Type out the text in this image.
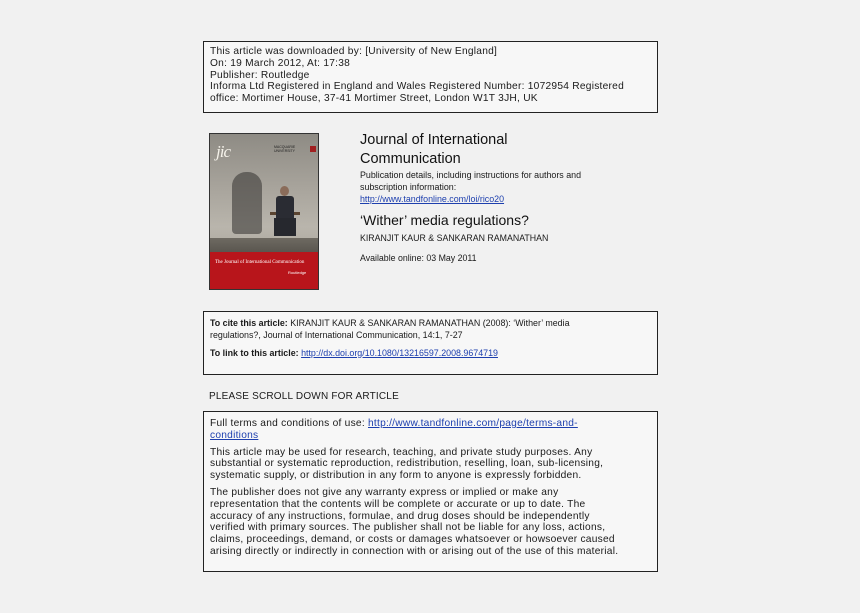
This article was downloaded by: [University of New England]
On: 19 March 2012, At: 17:38
Publisher: Routledge
Informa Ltd Registered in England and Wales Registered Number: 1072954 Registered
office: Mortimer House, 37-41 Mortimer Street, London W1T 3JH, UK
jic	MACQUARIE UNIVERSITY
The Journal of International Communication
Routledge
Journal of International
Communication
Publication details, including instructions for authors and
subscription information:
http://www.tandfonline.com/loi/rico20
‘Wither’ media regulations?
KIRANJIT KAUR & SANKARAN RAMANATHAN
Available online: 03 May 2011
To cite this article: KIRANJIT KAUR & SANKARAN RAMANATHAN (2008): ‘Wither’ media
regulations?, Journal of International Communication, 14:1, 7-27
To link to this article: http://dx.doi.org/10.1080/13216597.2008.9674719
PLEASE SCROLL DOWN FOR ARTICLE

Full terms and conditions of use: http://www.tandfonline.com/page/terms-and-
conditions

This article may be used for research, teaching, and private study purposes. Any
substantial or systematic reproduction, redistribution, reselling, loan, sub-licensing,
systematic supply, or distribution in any form to anyone is expressly forbidden.

The publisher does not give any warranty express or implied or make any
representation that the contents will be complete or accurate or up to date. The
accuracy of any instructions, formulae, and drug doses should be independently
verified with primary sources. The publisher shall not be liable for any loss, actions,
claims, proceedings, demand, or costs or damages whatsoever or howsoever caused
arising directly or indirectly in connection with or arising out of the use of this material.
